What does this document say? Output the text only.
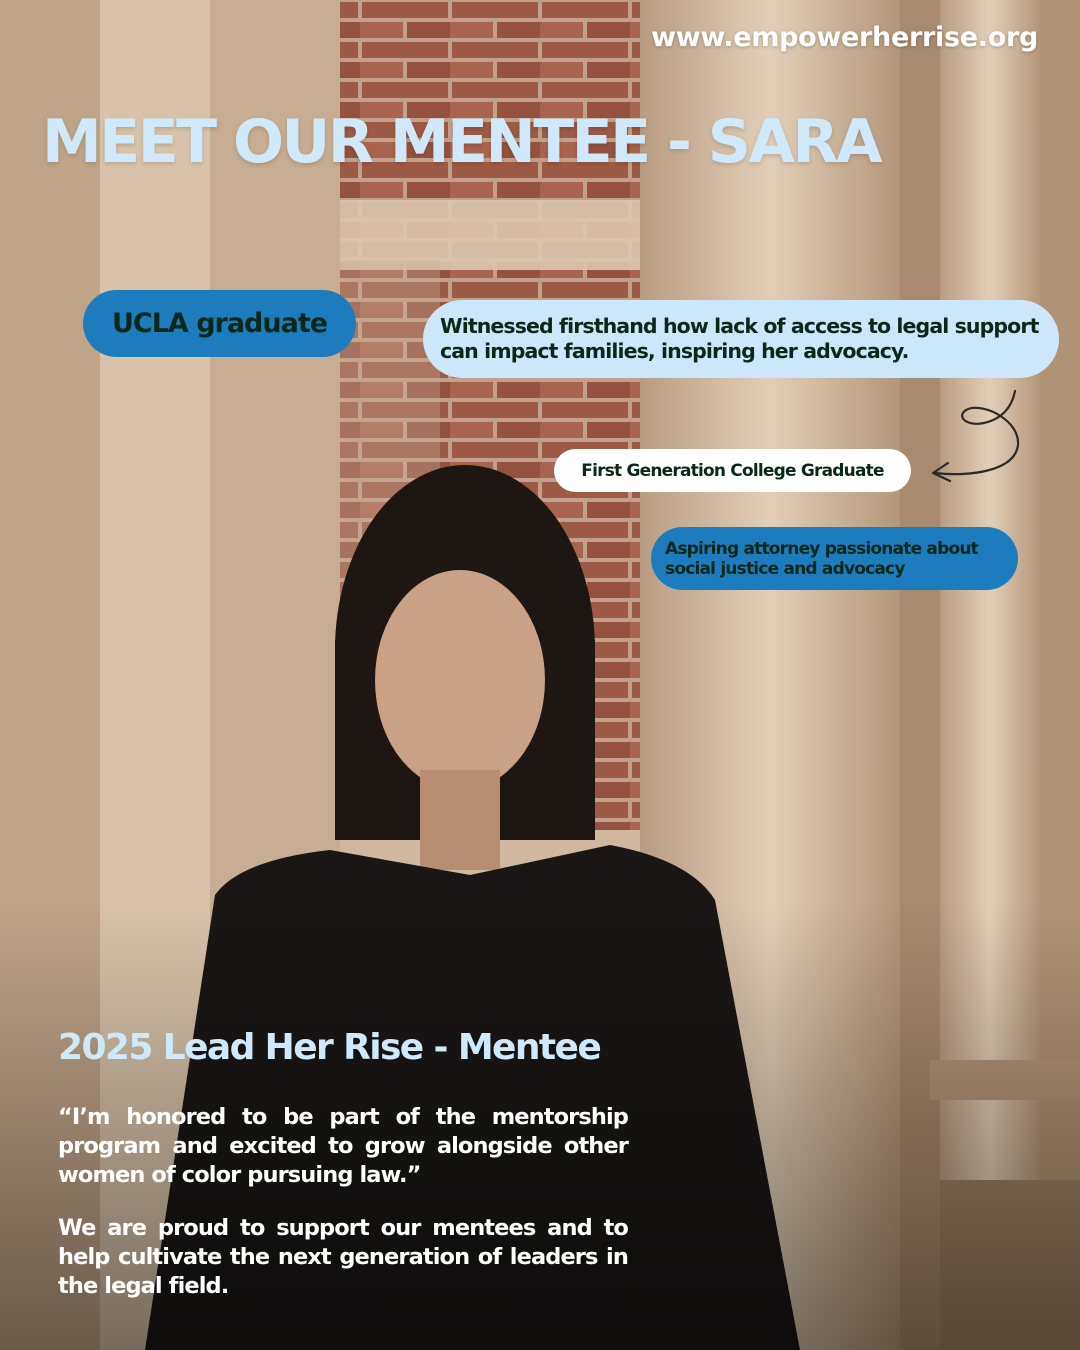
www.empowerherrise.org
MEET OUR MENTEE - SARA
UCLA graduate	Witnessed firsthand how lack of access to legal support can impact families, inspiring her advocacy.
First Generation College Graduate
Aspiring attorney passionate about social justice and advocacy
2025 Lead Her Rise - Mentee

“I’m honored to be part of the mentorship program and excited to grow alongside other women of color pursuing law.”

We are proud to support our mentees and to help cultivate the next generation of leaders in the legal field.
